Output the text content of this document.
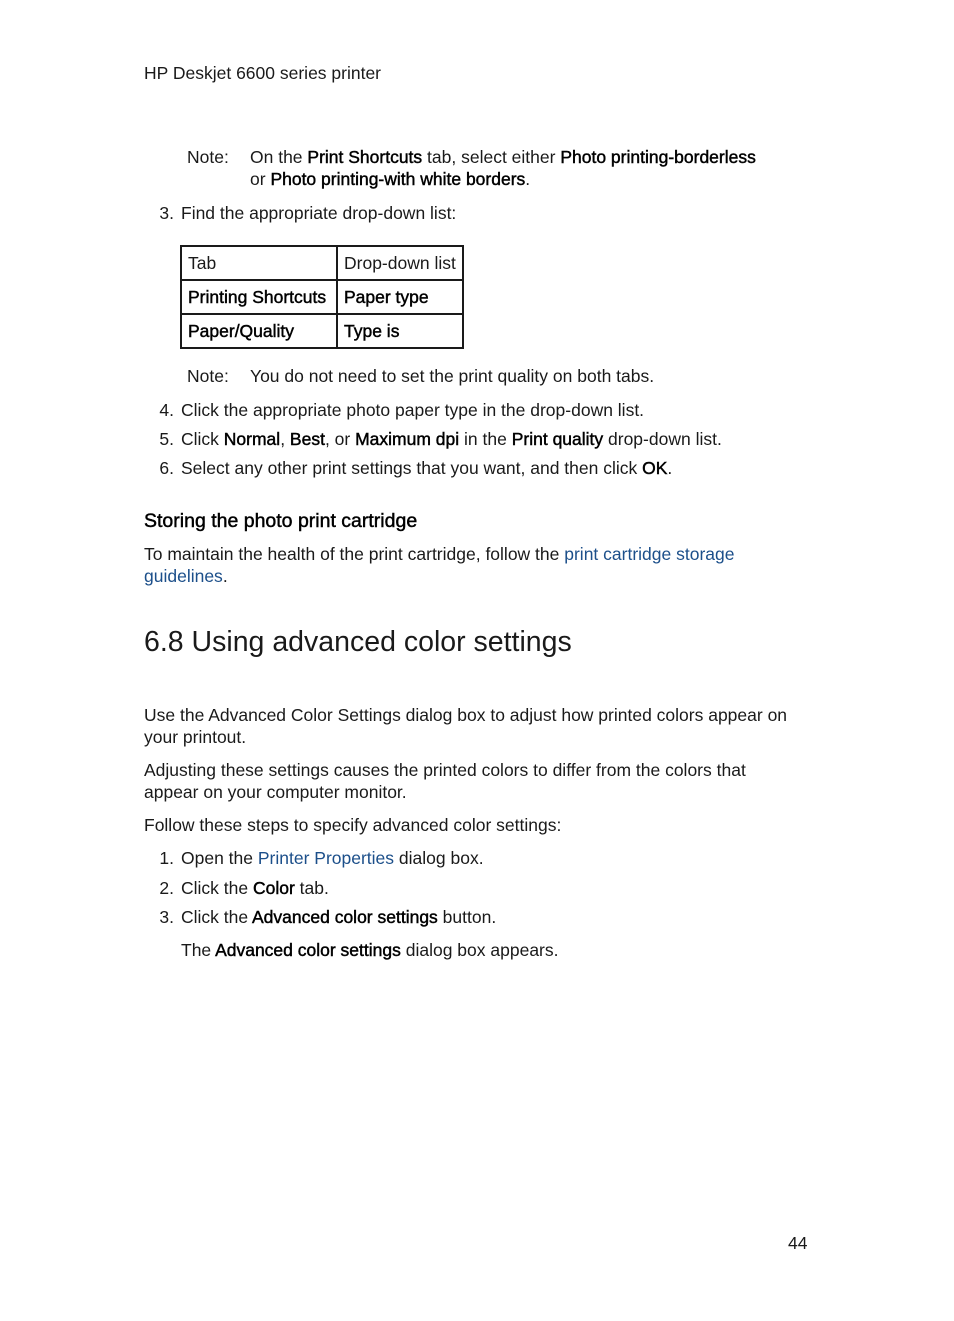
HP Deskjet 6600 series printer
Note: On the Print Shortcuts tab, select either Photo printing-borderless
or Photo printing-with white borders.
3. Find the appropriate drop-down list:
Tab	Drop-down list
Printing Shortcuts	Paper type
Paper/Quality	Type is
Note: You do not need to set the print quality on both tabs.
4. Click the appropriate photo paper type in the drop-down list.
5. Click Normal, Best, or Maximum dpi in the Print quality drop-down list.
6. Select any other print settings that you want, and then click OK.
Storing the photo print cartridge
To maintain the health of the print cartridge, follow the print cartridge storage
guidelines.
6.8 Using advanced color settings
Use the Advanced Color Settings dialog box to adjust how printed colors appear on
your printout.
Adjusting these settings causes the printed colors to differ from the colors that
appear on your computer monitor.
Follow these steps to specify advanced color settings:
1. Open the Printer Properties dialog box.
2. Click the Color tab.
3. Click the Advanced color settings button.
The Advanced color settings dialog box appears.
44
